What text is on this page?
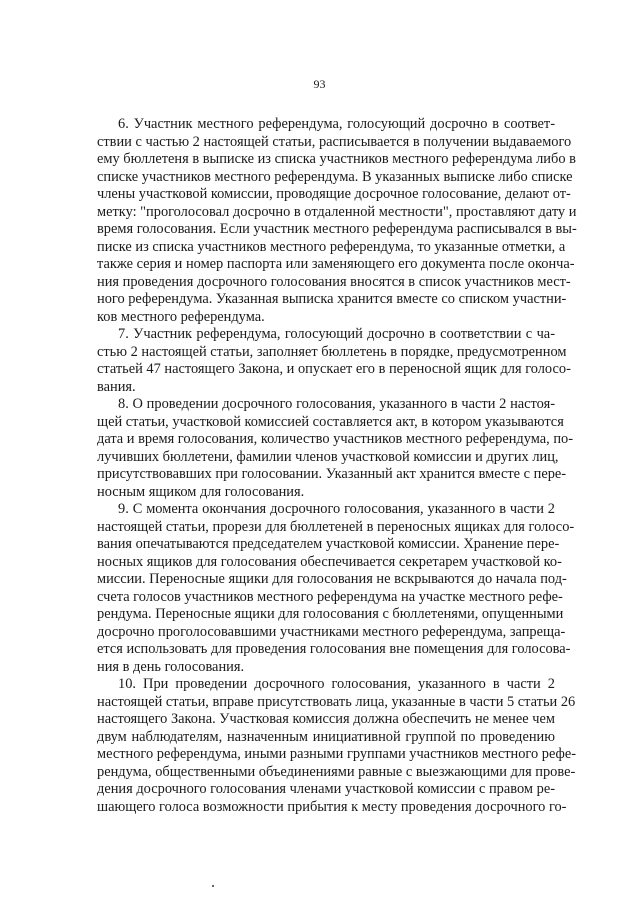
93
6. Участник местного референдума, голосующий досрочно в соответ-
ствии с частью 2 настоящей статьи, расписывается в получении выдаваемого
ему бюллетеня в выписке из списка участников местного референдума либо в
списке участников местного референдума. В указанных выписке либо списке
члены участковой комиссии, проводящие досрочное голосование, делают от-
метку: "проголосовал досрочно в отдаленной местности", проставляют дату и
время голосования. Если участник местного референдума расписывался в вы-
писке из списка участников местного референдума, то указанные отметки, а
также серия и номер паспорта или заменяющего его документа после оконча-
ния проведения досрочного голосования вносятся в список участников мест-
ного референдума. Указанная выписка хранится вместе со списком участни-
ков местного референдума.
7. Участник референдума, голосующий досрочно в соответствии с ча-
стью 2 настоящей статьи, заполняет бюллетень в порядке, предусмотренном
статьей 47 настоящего Закона, и опускает его в переносной ящик для голосо-
вания.
8. О проведении досрочного голосования, указанного в части 2 настоя-
щей статьи, участковой комиссией составляется акт, в котором указываются
дата и время голосования, количество участников местного референдума, по-
лучивших бюллетени, фамилии членов участковой комиссии и других лиц,
присутствовавших при голосовании. Указанный акт хранится вместе с пере-
носным ящиком для голосования.
9. С момента окончания досрочного голосования, указанного в части 2
настоящей статьи, прорези для бюллетеней в переносных ящиках для голосо-
вания опечатываются председателем участковой комиссии. Хранение пере-
носных ящиков для голосования обеспечивается секретарем участковой ко-
миссии. Переносные ящики для голосования не вскрываются до начала под-
счета голосов участников местного референдума на участке местного рефе-
рендума. Переносные ящики для голосования с бюллетенями, опущенными
досрочно проголосовавшими участниками местного референдума, запреща-
ется использовать для проведения голосования вне помещения для голосова-
ния в день голосования.
10. При проведении досрочного голосования, указанного в части 2
настоящей статьи, вправе присутствовать лица, указанные в части 5 статьи 26
настоящего Закона. Участковая комиссия должна обеспечить не менее чем
двум наблюдателям, назначенным инициативной группой по проведению
местного референдума, иными разными группами участников местного рефе-
рендума, общественными объединениями равные с выезжающими для прове-
дения досрочного голосования членами участковой комиссии с правом ре-
шающего голоса возможности прибытия к месту проведения досрочного го-
